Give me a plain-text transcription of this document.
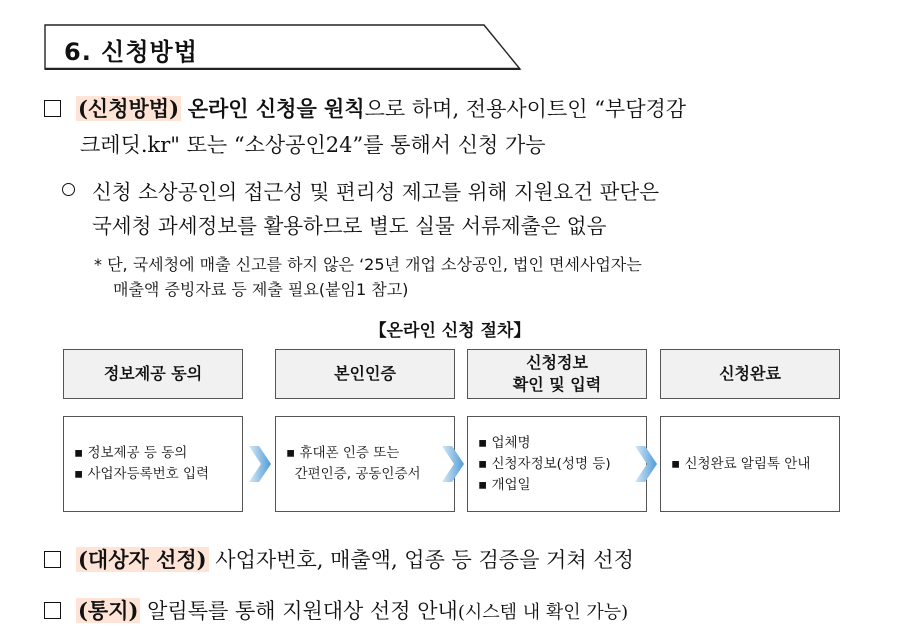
6. 신청방법
(신청방법) 온라인 신청을 원칙으로 하며, 전용사이트인 “부담경감
크레딧.kr" 또는 “소상공인24”를 통해서 신청 가능
신청 소상공인의 접근성 및 편리성 제고를 위해 지원요건 판단은
국세청 과세정보를 활용하므로 별도 실물 서류제출은 없음
* 단, 국세청에 매출 신고를 하지 않은 ‘25년 개업 소상공인, 법인 면세사업자는
매출액 증빙자료 등 제출 필요(붙임1 참고)
【온라인 신청 절차】
정보제공 동의	본인인증
신청정보
확인 및 입력
신청완료
▪ 정보제공 등 동의
▪ 사업자등록번호 입력
▪ 휴대폰 인증 또는
간편인증, 공동인증서
▪ 업체명
▪ 신청자정보(성명 등)
▪ 개업일
▪ 신청완료 알림톡 안내
(대상자 선정) 사업자번호, 매출액, 업종 등 검증을 거쳐 선정
(통지) 알림톡를 통해 지원대상 선정 안내(시스템 내 확인 가능)
